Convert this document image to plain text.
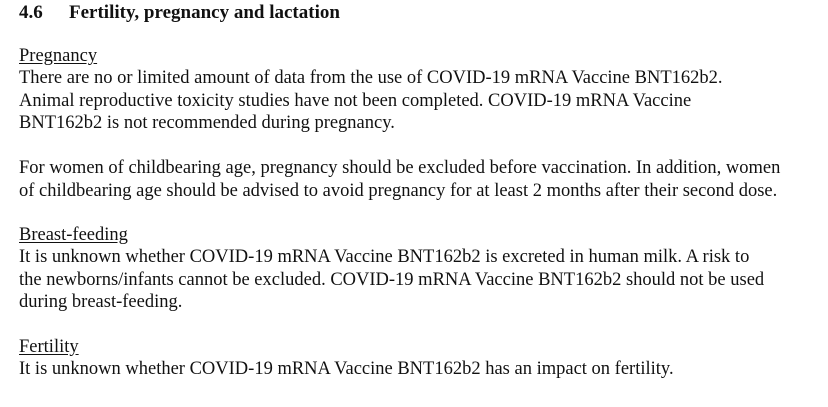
4.6 Fertility, pregnancy and lactation
Pregnancy

There are no or limited amount of data from the use of COVID-19 mRNA Vaccine BNT162b2.
Animal reproductive toxicity studies have not been completed. COVID-19 mRNA Vaccine
BNT162b2 is not recommended during pregnancy.

For women of childbearing age, pregnancy should be excluded before vaccination. In addition, women
of childbearing age should be advised to avoid pregnancy for at least 2 months after their second dose.

Breast-feeding

It is unknown whether COVID-19 mRNA Vaccine BNT162b2 is excreted in human milk. A risk to
the newborns/infants cannot be excluded. COVID-19 mRNA Vaccine BNT162b2 should not be used
during breast-feeding.

Fertility

It is unknown whether COVID-19 mRNA Vaccine BNT162b2 has an impact on fertility.
